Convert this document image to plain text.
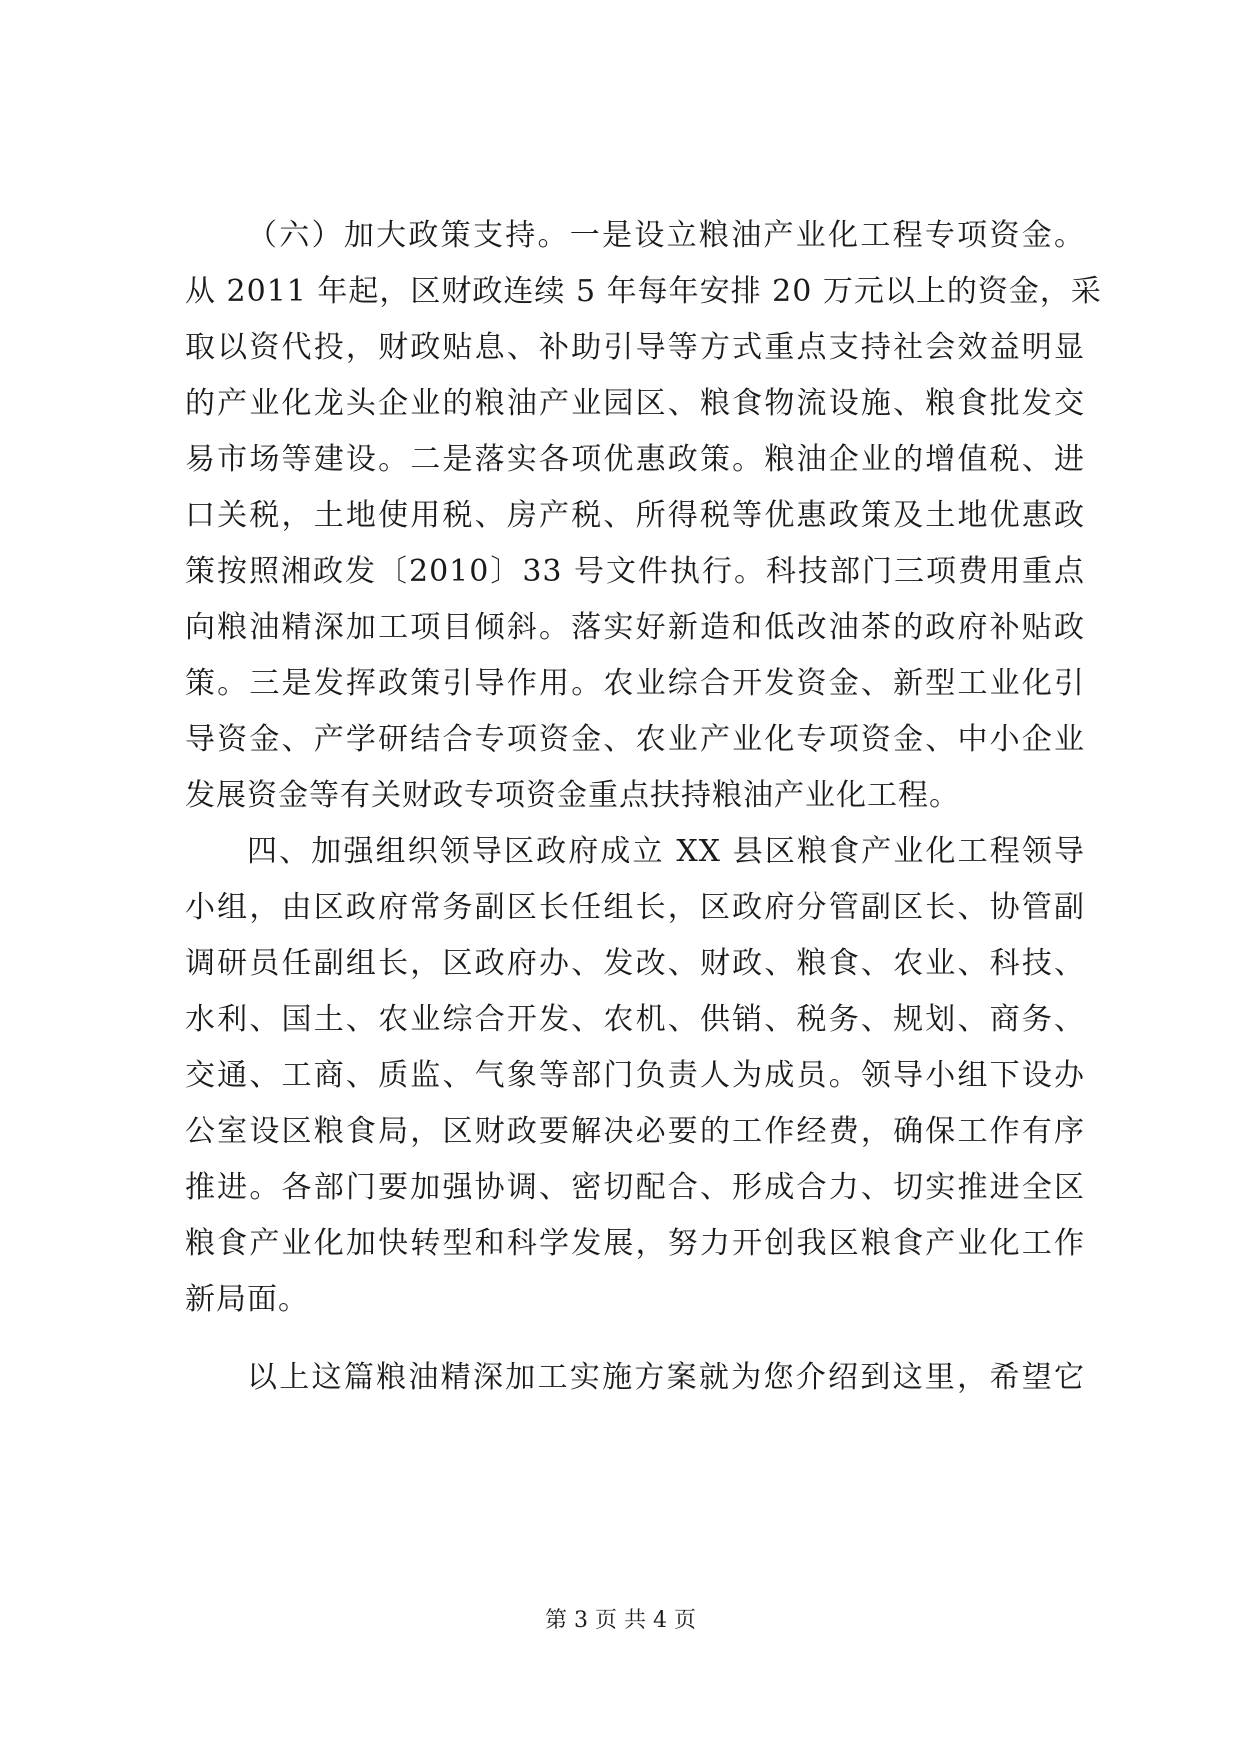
（六）加大政策支持。一是设立粮油产业化工程专项资金。
从 2011 年起，区财政连续 5 年每年安排 20 万元以上的资金，采
取以资代投，财政贴息、补助引导等方式重点支持社会效益明显
的产业化龙头企业的粮油产业园区、粮食物流设施、粮食批发交
易市场等建设。二是落实各项优惠政策。粮油企业的增值税、进
口关税，土地使用税、房产税、所得税等优惠政策及土地优惠政
策按照湘政发〔2010〕33 号文件执行。科技部门三项费用重点
向粮油精深加工项目倾斜。落实好新造和低改油茶的政府补贴政
策。三是发挥政策引导作用。农业综合开发资金、新型工业化引
导资金、产学研结合专项资金、农业产业化专项资金、中小企业
发展资金等有关财政专项资金重点扶持粮油产业化工程。
四、加强组织领导区政府成立 XX 县区粮食产业化工程领导
小组，由区政府常务副区长任组长，区政府分管副区长、协管副
调研员任副组长，区政府办、发改、财政、粮食、农业、科技、
水利、国土、农业综合开发、农机、供销、税务、规划、商务、
交通、工商、质监、气象等部门负责人为成员。领导小组下设办
公室设区粮食局，区财政要解决必要的工作经费，确保工作有序
推进。各部门要加强协调、密切配合、形成合力、切实推进全区
粮食产业化加快转型和科学发展，努力开创我区粮食产业化工作
新局面。
以上这篇粮油精深加工实施方案就为您介绍到这里，希望它
第 3 页 共 4 页
